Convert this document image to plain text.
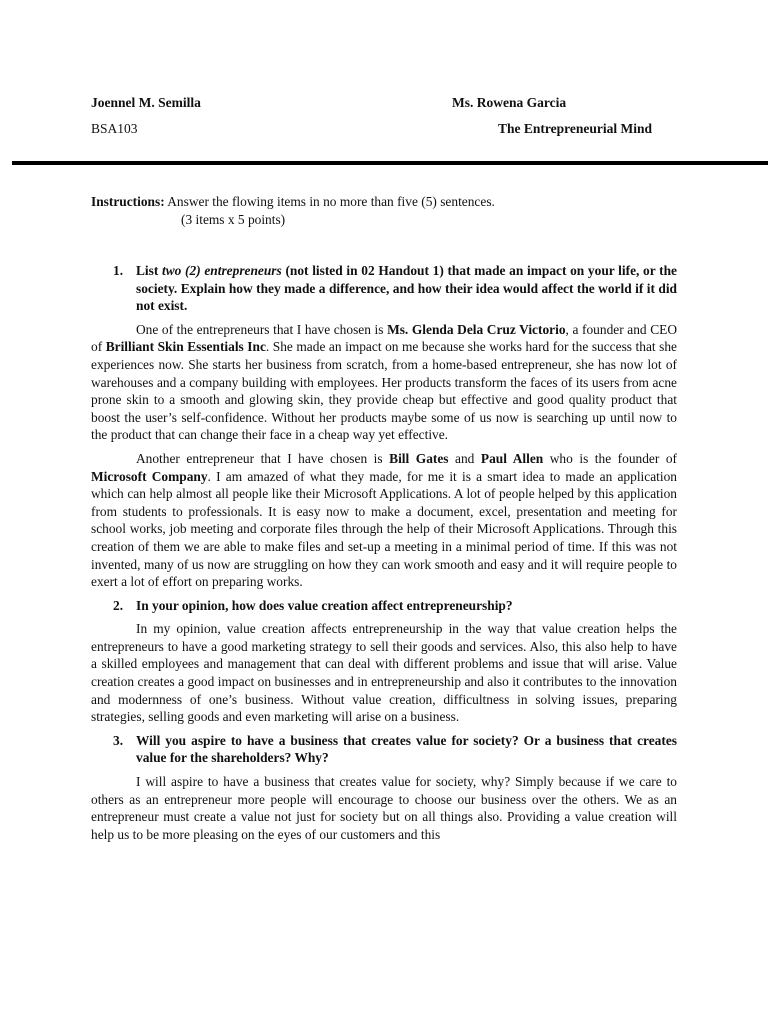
Joennel M. Semilla
BSA103
Ms. Rowena Garcia
The Entrepreneurial Mind
Instructions: Answer the flowing items in no more than five (5) sentences.
(3 items x 5 points)
1. List two (2) entrepreneurs (not listed in 02 Handout 1) that made an impact on your life, or the society. Explain how they made a difference, and how their idea would affect the world if it did not exist.

One of the entrepreneurs that I have chosen is Ms. Glenda Dela Cruz Victorio, a founder and CEO of Brilliant Skin Essentials Inc. She made an impact on me because she works hard for the success that she experiences now. She starts her business from scratch, from a home-based entrepreneur, she has now lot of warehouses and a company building with employees. Her products transform the faces of its users from acne prone skin to a smooth and glowing skin, they provide cheap but effective and good quality product that boost the user’s self-confidence. Without her products maybe some of us now is searching up until now to the product that can change their face in a cheap way yet effective.

Another entrepreneur that I have chosen is Bill Gates and Paul Allen who is the founder of Microsoft Company. I am amazed of what they made, for me it is a smart idea to made an application which can help almost all people like their Microsoft Applications. A lot of people helped by this application from students to professionals. It is easy now to make a document, excel, presentation and meeting for school works, job meeting and corporate files through the help of their Microsoft Applications. Through this creation of them we are able to make files and set-up a meeting in a minimal period of time. If this was not invented, many of us now are struggling on how they can work smooth and easy and it will require people to exert a lot of effort on preparing works.

2. In your opinion, how does value creation affect entrepreneurship?

In my opinion, value creation affects entrepreneurship in the way that value creation helps the entrepreneurs to have a good marketing strategy to sell their goods and services. Also, this also help to have a skilled employees and management that can deal with different problems and issue that will arise. Value creation creates a good impact on businesses and in entrepreneurship and also it contributes to the innovation and modernness of one’s business. Without value creation, difficultness in solving issues, preparing strategies, selling goods and even marketing will arise on a business.

3. Will you aspire to have a business that creates value for society? Or a business that creates value for the shareholders? Why?

I will aspire to have a business that creates value for society, why? Simply because if we care to others as an entrepreneur more people will encourage to choose our business over the others. We as an entrepreneur must create a value not just for society but on all things also. Providing a value creation will help us to be more pleasing on the eyes of our customers and this
